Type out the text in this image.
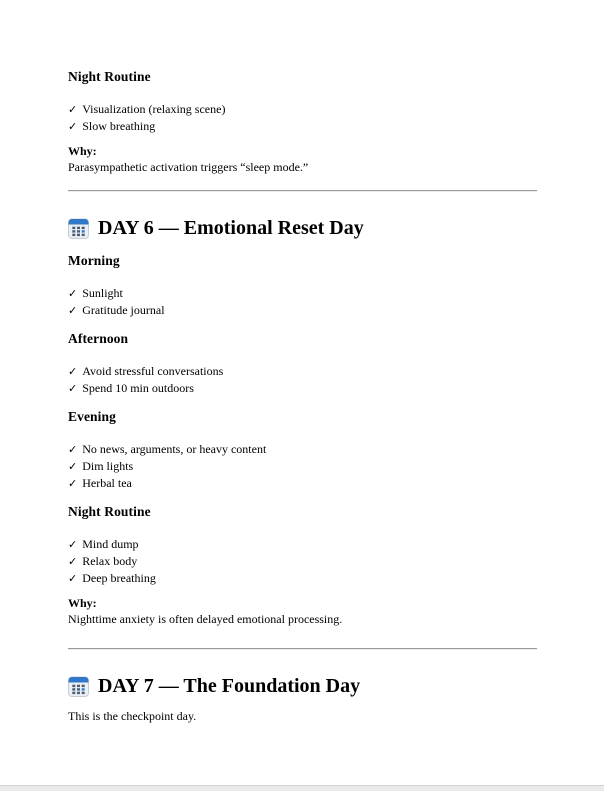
Night Routine
✓ Visualization (relaxing scene)
✓ Slow breathing

Why:
Parasympathetic activation triggers “sleep mode.”

DAY 6 — Emotional Reset Day
Morning
✓ Sunlight
✓ Gratitude journal
Afternoon
✓ Avoid stressful conversations
✓ Spend 10 min outdoors
Evening
✓ No news, arguments, or heavy content
✓ Dim lights
✓ Herbal tea
Night Routine
✓ Mind dump
✓ Relax body
✓ Deep breathing

Why:
Nighttime anxiety is often delayed emotional processing.

DAY 7 — The Foundation Day

This is the checkpoint day.
